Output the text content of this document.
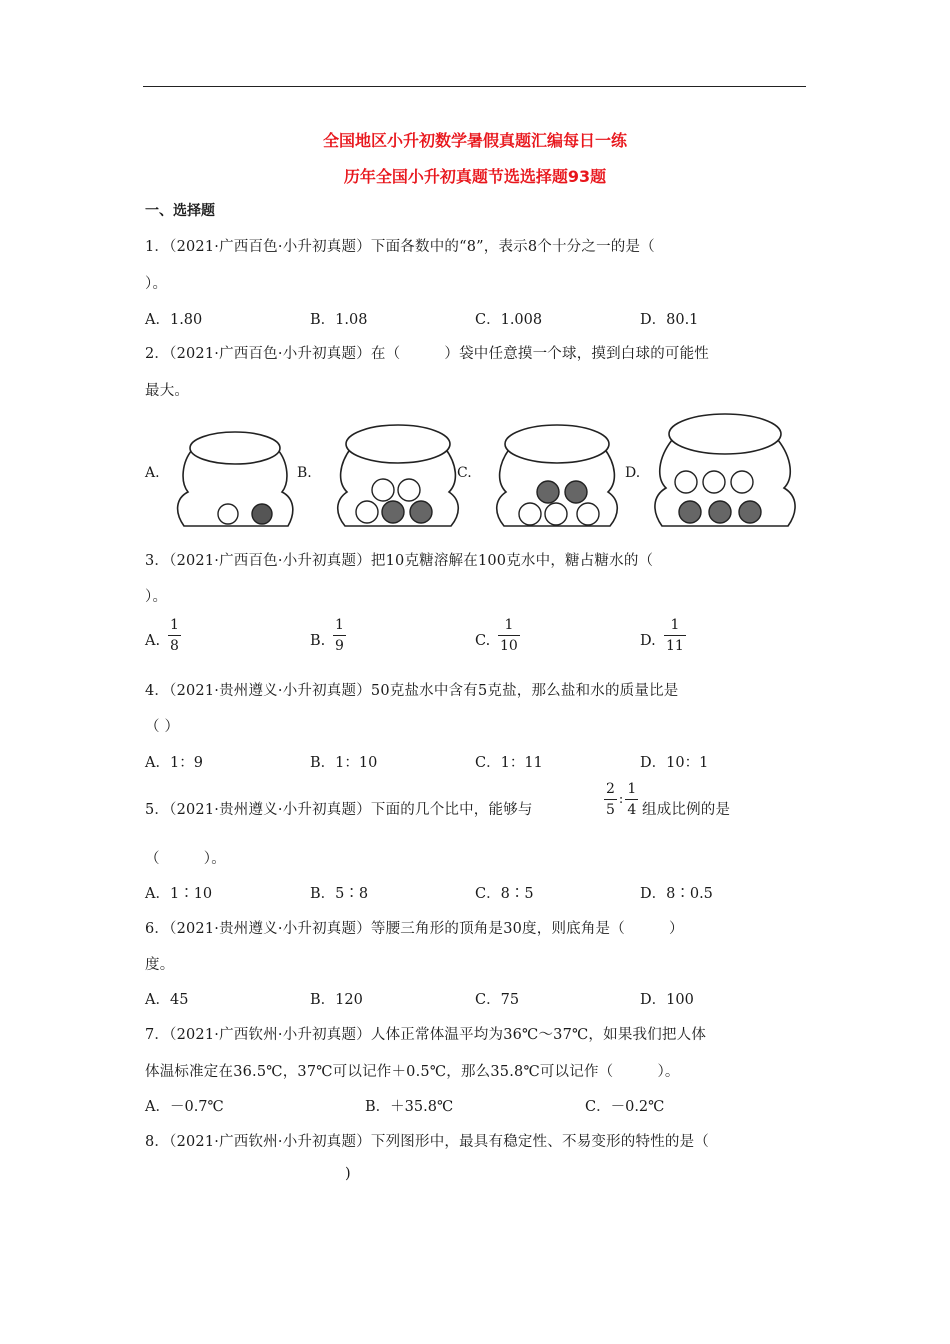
全国地区小升初数学暑假真题汇编每日一练
历年全国小升初真题节选选择题93题
一、选择题
1．（2021·广西百色·小升初真题）下面各数中的“8”，表示8个十分之一的是（
）。
A．1.80	B．1.08	C．1.008	D．80.1
2．（2021·广西百色·小升初真题）在（　　　）袋中任意摸一个球，摸到白球的可能性
最大。
A.	B.	C.	D.
3．（2021·广西百色·小升初真题）把10克糖溶解在100克水中，糖占糖水的（
）。
A. $\frac{1}{8}$	B. $\frac{1}{9}$	C. $\frac{1}{10}$	D. $\frac{1}{11}$
4．（2021·贵州遵义·小升初真题）50克盐水中含有5克盐，那么盐和水的质量比是
（ ）
A．1：9	B．1：10	C．1：11	D．10：1
5．（2021·贵州遵义·小升初真题）下面的几个比中，能够与	$\frac{2}{5}$ : $\frac{1}{4}$ 组成比例的是
（　　　）。
A．1∶10	B．5∶8	C．8∶5	D．8∶0.5
6．（2021·贵州遵义·小升初真题）等腰三角形的顶角是30度，则底角是（　　　）
度。
A．45	B．120	C．75	D．100
7．（2021·广西钦州·小升初真题）人体正常体温平均为36℃～37℃，如果我们把人体
体温标准定在36.5℃，37℃可以记作＋0.5℃，那么35.8℃可以记作（　　　）。
A．－0.7℃	B．＋35.8℃	C．－0.2℃
8．（2021·广西钦州·小升初真题）下列图形中，最具有稳定性、不易变形的特性的是（
)
